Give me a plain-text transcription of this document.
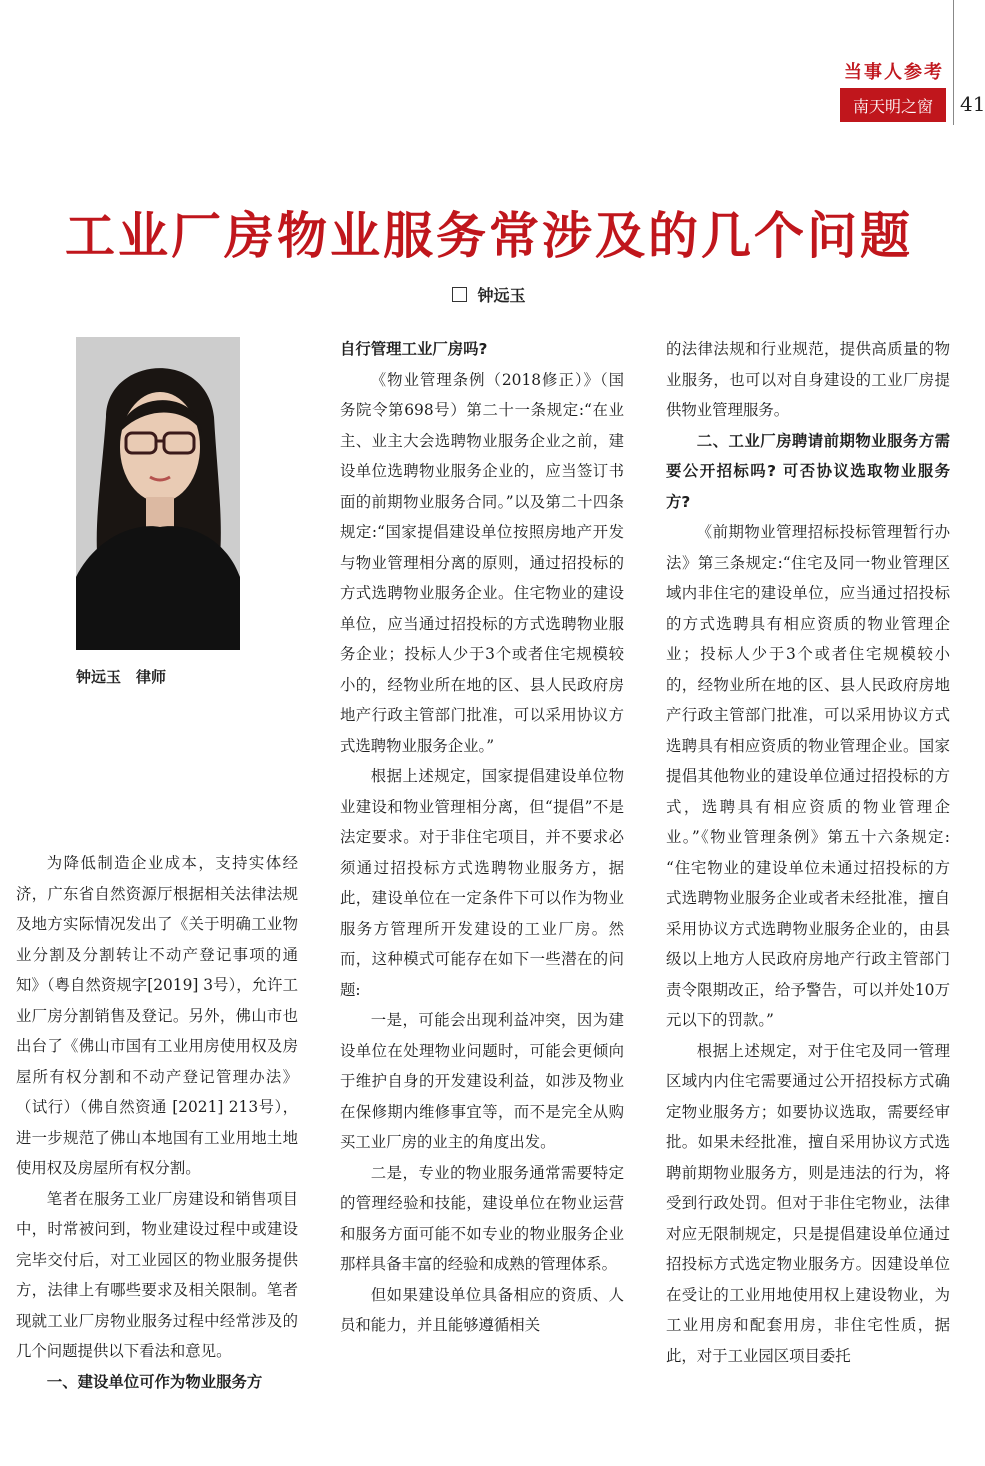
当事人参考
南天明之窗	41
工业厂房物业服务常涉及的几个问题
钟远玉
钟远玉　律师

为降低制造企业成本，支持实体经济，广东省自然资源厅根据相关法律法规及地方实际情况发出了《关于明确工业物业分割及分割转让不动产登记事项的通知》（粤自然资规字[2019] 3号），允许工业厂房分割销售及登记。另外，佛山市也出台了《佛山市国有工业用房使用权及房屋所有权分割和不动产登记管理办法》（试行）（佛自然资通 [2021] 213号），进一步规范了佛山本地国有工业用地土地使用权及房屋所有权分割。

笔者在服务工业厂房建设和销售项目中，时常被问到，物业建设过程中或建设完毕交付后，对工业园区的物业服务提供方，法律上有哪些要求及相关限制。笔者现就工业厂房物业服务过程中经常涉及的几个问题提供以下看法和意见。

一、建设单位可作为物业服务方
自行管理工业厂房吗?

《物业管理条例（2018修正）》（国务院令第698号）第二十一条规定:“在业主、业主大会选聘物业服务企业之前，建设单位选聘物业服务企业的，应当签订书面的前期物业服务合同。”以及第二十四条规定:“国家提倡建设单位按照房地产开发与物业管理相分离的原则，通过招投标的方式选聘物业服务企业。住宅物业的建设单位，应当通过招投标的方式选聘物业服务企业；投标人少于3个或者住宅规模较小的，经物业所在地的区、县人民政府房地产行政主管部门批准，可以采用协议方式选聘物业服务企业。”

根据上述规定，国家提倡建设单位物业建设和物业管理相分离，但“提倡”不是法定要求。对于非住宅项目，并不要求必须通过招投标方式选聘物业服务方，据此，建设单位在一定条件下可以作为物业服务方管理所开发建设的工业厂房。然而，这种模式可能存在如下一些潜在的问题:

一是，可能会出现利益冲突，因为建设单位在处理物业问题时，可能会更倾向于维护自身的开发建设利益，如涉及物业在保修期内维修事宜等，而不是完全从购买工业厂房的业主的角度出发。

二是，专业的物业服务通常需要特定的管理经验和技能，建设单位在物业运营和服务方面可能不如专业的物业服务企业那样具备丰富的经验和成熟的管理体系。

但如果建设单位具备相应的资质、人员和能力，并且能够遵循相关

的法律法规和行业规范，提供高质量的物业服务，也可以对自身建设的工业厂房提供物业管理服务。

二、工业厂房聘请前期物业服务方需要公开招标吗? 可否协议选取物业服务方?

《前期物业管理招标投标管理暂行办法》第三条规定:“住宅及同一物业管理区域内非住宅的建设单位，应当通过招投标的方式选聘具有相应资质的物业管理企业；投标人少于3个或者住宅规模较小的，经物业所在地的区、县人民政府房地产行政主管部门批准，可以采用协议方式选聘具有相应资质的物业管理企业。国家提倡其他物业的建设单位通过招投标的方式，选聘具有相应资质的物业管理企业。”《物业管理条例》第五十六条规定: “住宅物业的建设单位未通过招投标的方式选聘物业服务企业或者未经批准，擅自采用协议方式选聘物业服务企业的，由县级以上地方人民政府房地产行政主管部门责令限期改正，给予警告，可以并处10万元以下的罚款。”

根据上述规定，对于住宅及同一管理区域内内住宅需要通过公开招投标方式确定物业服务方；如要协议选取，需要经审批。如果未经批准，擅自采用协议方式选聘前期物业服务方，则是违法的行为，将受到行政处罚。但对于非住宅物业，法律对应无限制规定，只是提倡建设单位通过招投标方式选定物业服务方。因建设单位在受让的工业用地使用权上建设物业，为工业用房和配套用房，非住宅性质，据此，对于工业园区项目委托
